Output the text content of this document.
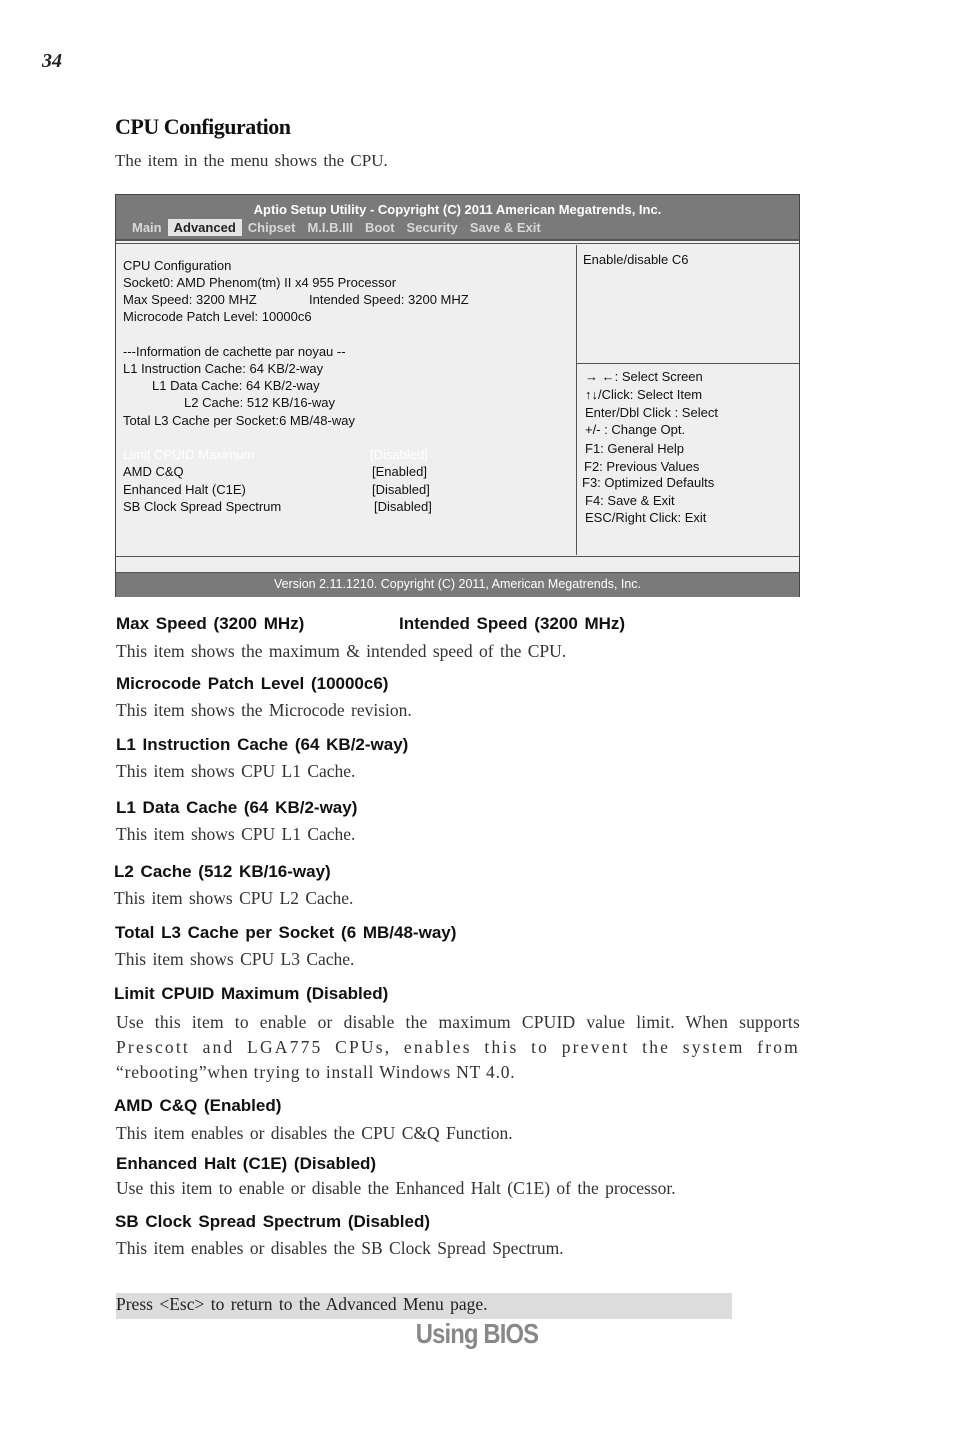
34
CPU Configuration
The item in the menu shows the CPU.
Aptio Setup Utility - Copyright (C) 2011 American Megatrends, Inc.
Main Advanced Chipset M.I.B.III Boot Security Save & Exit
CPU Configuration
Socket0: AMD Phenom(tm) II x4 955 Processor
Max Speed: 3200 MHZ	Intended Speed: 3200 MHZ
Microcode Patch Level: 10000c6
---Information de cachette par noyau --
L1 Instruction Cache: 64 KB/2-way
L1 Data Cache: 64 KB/2-way
L2 Cache: 512 KB/16-way
Total L3 Cache per Socket:6 MB/48-way
Limit CPUID Maximum	[Disabled]
AMD C&Q	[Enabled]
Enhanced Halt (C1E)	[Disabled]
SB Clock Spread Spectrum	[Disabled]
Enable/disable C6
→ ←: Select Screen
↑↓/Click: Select Item
Enter/Dbl Click : Select
+/- : Change Opt.
F1: General Help
F2: Previous Values
F3: Optimized Defaults
F4: Save & Exit
ESC/Right Click: Exit
Version 2.11.1210. Copyright (C) 2011, American Megatrends, Inc.
Max Speed (3200 MHz)	Intended Speed (3200 MHz)
This item shows the maximum & intended speed of the CPU.
Microcode Patch Level (10000c6)
This item shows the Microcode revision.
L1 Instruction Cache (64 KB/2-way)
This item shows CPU L1 Cache.
L1 Data Cache (64 KB/2-way)
This item shows CPU L1 Cache.
L2 Cache (512 KB/16-way)
This item shows CPU L2 Cache.
Total L3 Cache per Socket (6 MB/48-way)
This item shows CPU L3 Cache.
Limit CPUID Maximum (Disabled)
Use this item to enable or disable the maximum CPUID value limit. When supports
Prescott and LGA775 CPUs, enables this to prevent the system from
“rebooting”when trying to install Windows NT 4.0.
AMD C&Q (Enabled)
This item enables or disables the CPU C&Q Function.
Enhanced Halt (C1E) (Disabled)
Use this item to enable or disable the Enhanced Halt (C1E) of the processor.
SB Clock Spread Spectrum (Disabled)
This item enables or disables the SB Clock Spread Spectrum.
Press <Esc> to return to the Advanced Menu page.
Using BIOS
